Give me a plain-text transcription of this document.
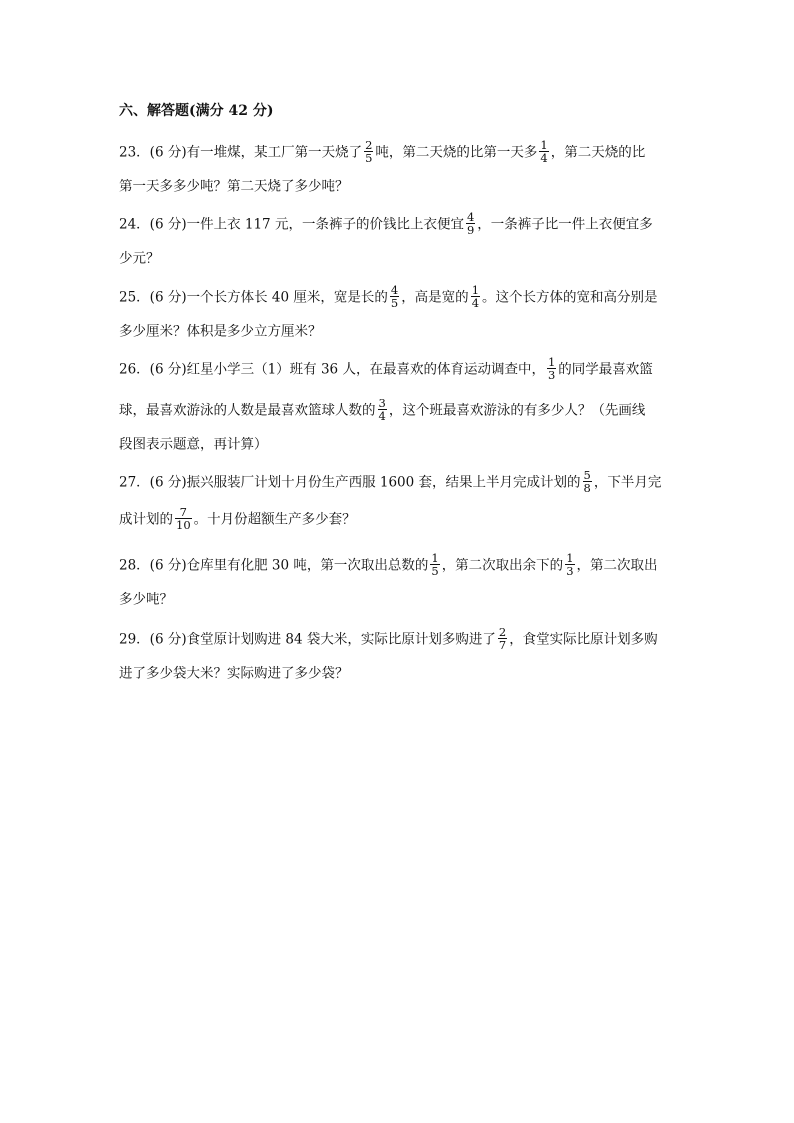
六、解答题(满分 42 分)
23．(6 分)有一堆煤，某工厂第一天烧了 $\frac{2}{5}$ 吨，第二天烧的比第一天多 $\frac{1}{4}$ ，第二天烧的比
第一天多多少吨？第二天烧了多少吨？
24．(6 分)一件上衣 117 元，一条裤子的价钱比上衣便宜 $\frac{4}{9}$ ，一条裤子比一件上衣便宜多
少元？
25．(6 分)一个长方体长 40 厘米，宽是长的 $\frac{4}{5}$ ，高是宽的 $\frac{1}{4}$ 。这个长方体的宽和高分别是
多少厘米？体积是多少立方厘米？
26．(6 分)红星小学三（1）班有 36 人，在最喜欢的体育运动调查中， $\frac{1}{3}$ 的同学最喜欢篮
球，最喜欢游泳的人数是最喜欢篮球人数的 $\frac{3}{4}$ ，这个班最喜欢游泳的有多少人？（先画线
段图表示题意，再计算）
27．(6 分)振兴服装厂计划十月份生产西服 1600 套，结果上半月完成计划的 $\frac{5}{8}$ ，下半月完
成计划的 $\frac{7}{10}$ 。十月份超额生产多少套？
28．(6 分)仓库里有化肥 30 吨，第一次取出总数的 $\frac{1}{5}$ ，第二次取出余下的 $\frac{1}{3}$ ，第二次取出
多少吨？
29．(6 分)食堂原计划购进 84 袋大米，实际比原计划多购进了 $\frac{2}{7}$ ，食堂实际比原计划多购
进了多少袋大米？实际购进了多少袋？
